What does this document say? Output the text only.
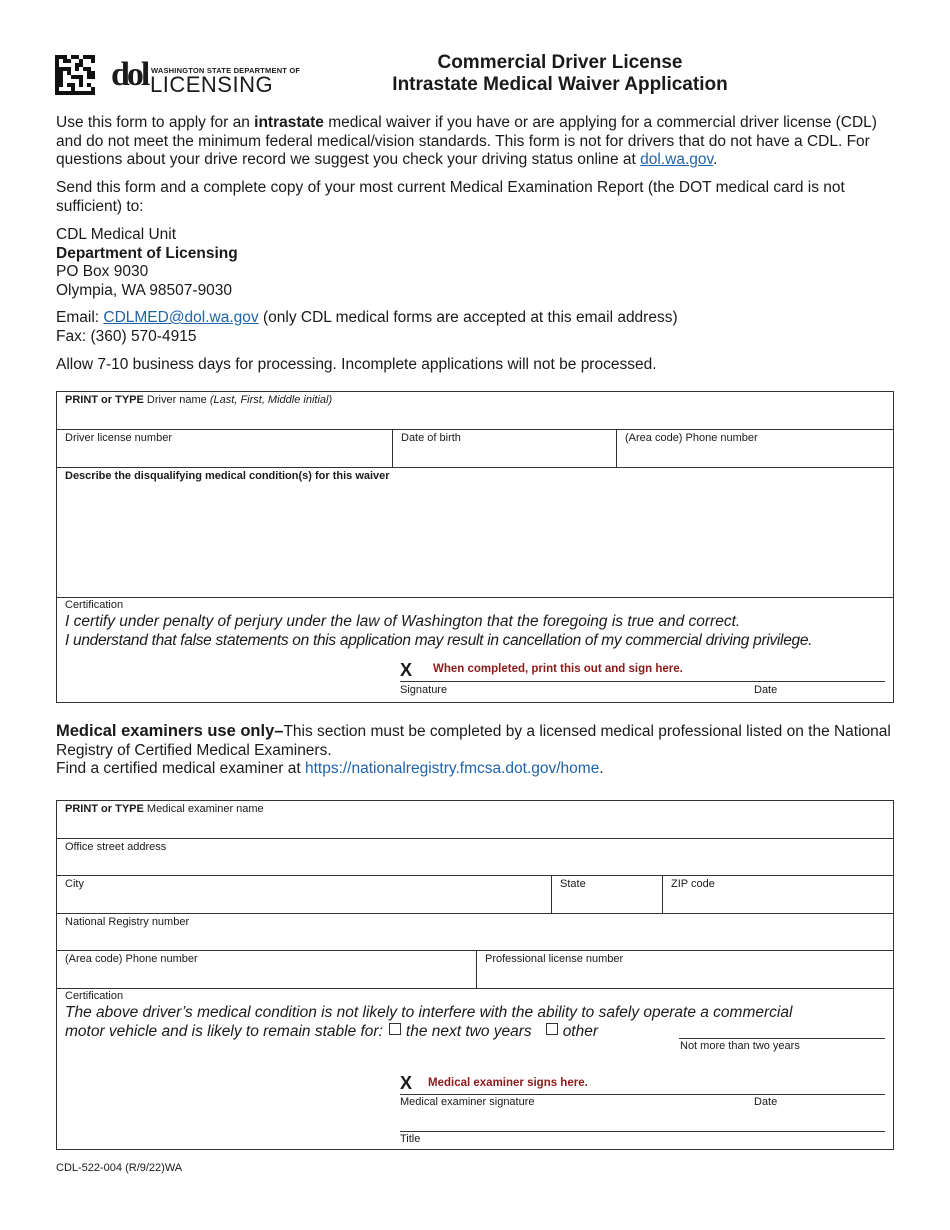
dol WASHINGTON STATE DEPARTMENT OF
LICENSING
Commercial Driver License
Intrastate Medical Waiver Application
Use this form to apply for an intrastate medical waiver if you have or are applying for a commercial driver license (CDL) and do not meet the minimum federal medical/vision standards. This form is not for drivers that do not have a CDL. For questions about your drive record we suggest you check your driving status online at dol.wa.gov.
Send this form and a complete copy of your most current Medical Examination Report (the DOT medical card is not sufficient) to:
CDL Medical Unit
Department of Licensing
PO Box 9030
Olympia, WA 98507-9030
Email: CDLMED@dol.wa.gov (only CDL medical forms are accepted at this email address)
Fax: (360) 570-4915
Allow 7-10 business days for processing. Incomplete applications will not be processed.
PRINT or TYPE Driver name (Last, First, Middle initial)
Driver license number	Date of birth	(Area code) Phone number
Describe the disqualifying medical condition(s) for this waiver
Certification
I certify under penalty of perjury under the law of Washington that the foregoing is true and correct.
I understand that false statements on this application may result in cancellation of my commercial driving privilege.
X When completed, print this out and sign here.
Signature	Date
Medical examiners use only–This section must be completed by a licensed medical professional listed on the National Registry of Certified Medical Examiners.
Find a certified medical examiner at https://nationalregistry.fmcsa.dot.gov/home.
PRINT or TYPE Medical examiner name
Office street address
City	State	ZIP code
National Registry number
(Area code) Phone number	Professional license number
Certification
The above driver’s medical condition is not likely to interfere with the ability to safely operate a commercial
motor vehicle and is likely to remain stable for: the next two years other
Not more than two years
X Medical examiner signs here.
Medical examiner signature	Date
Title
CDL-522-004 (R/9/22)WA
